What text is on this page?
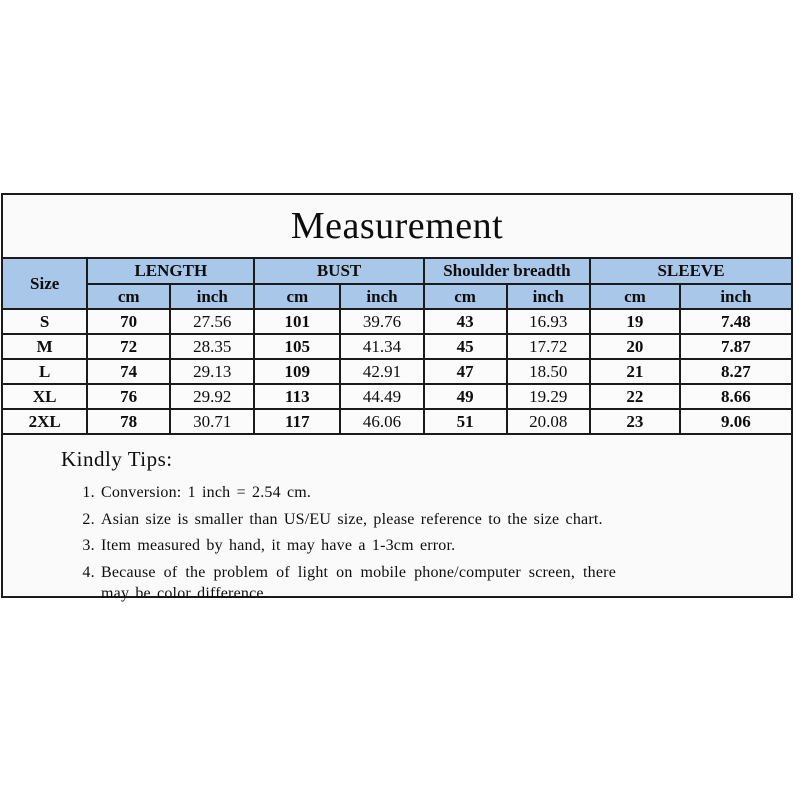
Measurement
Size	LENGTH		BUST		Shoulder breadth		SLEEVE	
	cm	inch	cm	inch	cm	inch	cm	inch
S	70	27.56	101	39.76	43	16.93	19	7.48
M	72	28.35	105	41.34	45	17.72	20	7.87
L	74	29.13	109	42.91	47	18.50	21	8.27
XL	76	29.92	113	44.49	49	19.29	22	8.66
2XL	78	30.71	117	46.06	51	20.08	23	9.06
Kindly Tips:
1. Conversion: 1 inch = 2.54 cm.
2. Asian size is smaller than US/EU size, please reference to the size chart.
3. Item measured by hand, it may have a 1-3cm error.
4. Because of the problem of light on mobile phone/computer screen, there may be color difference.
